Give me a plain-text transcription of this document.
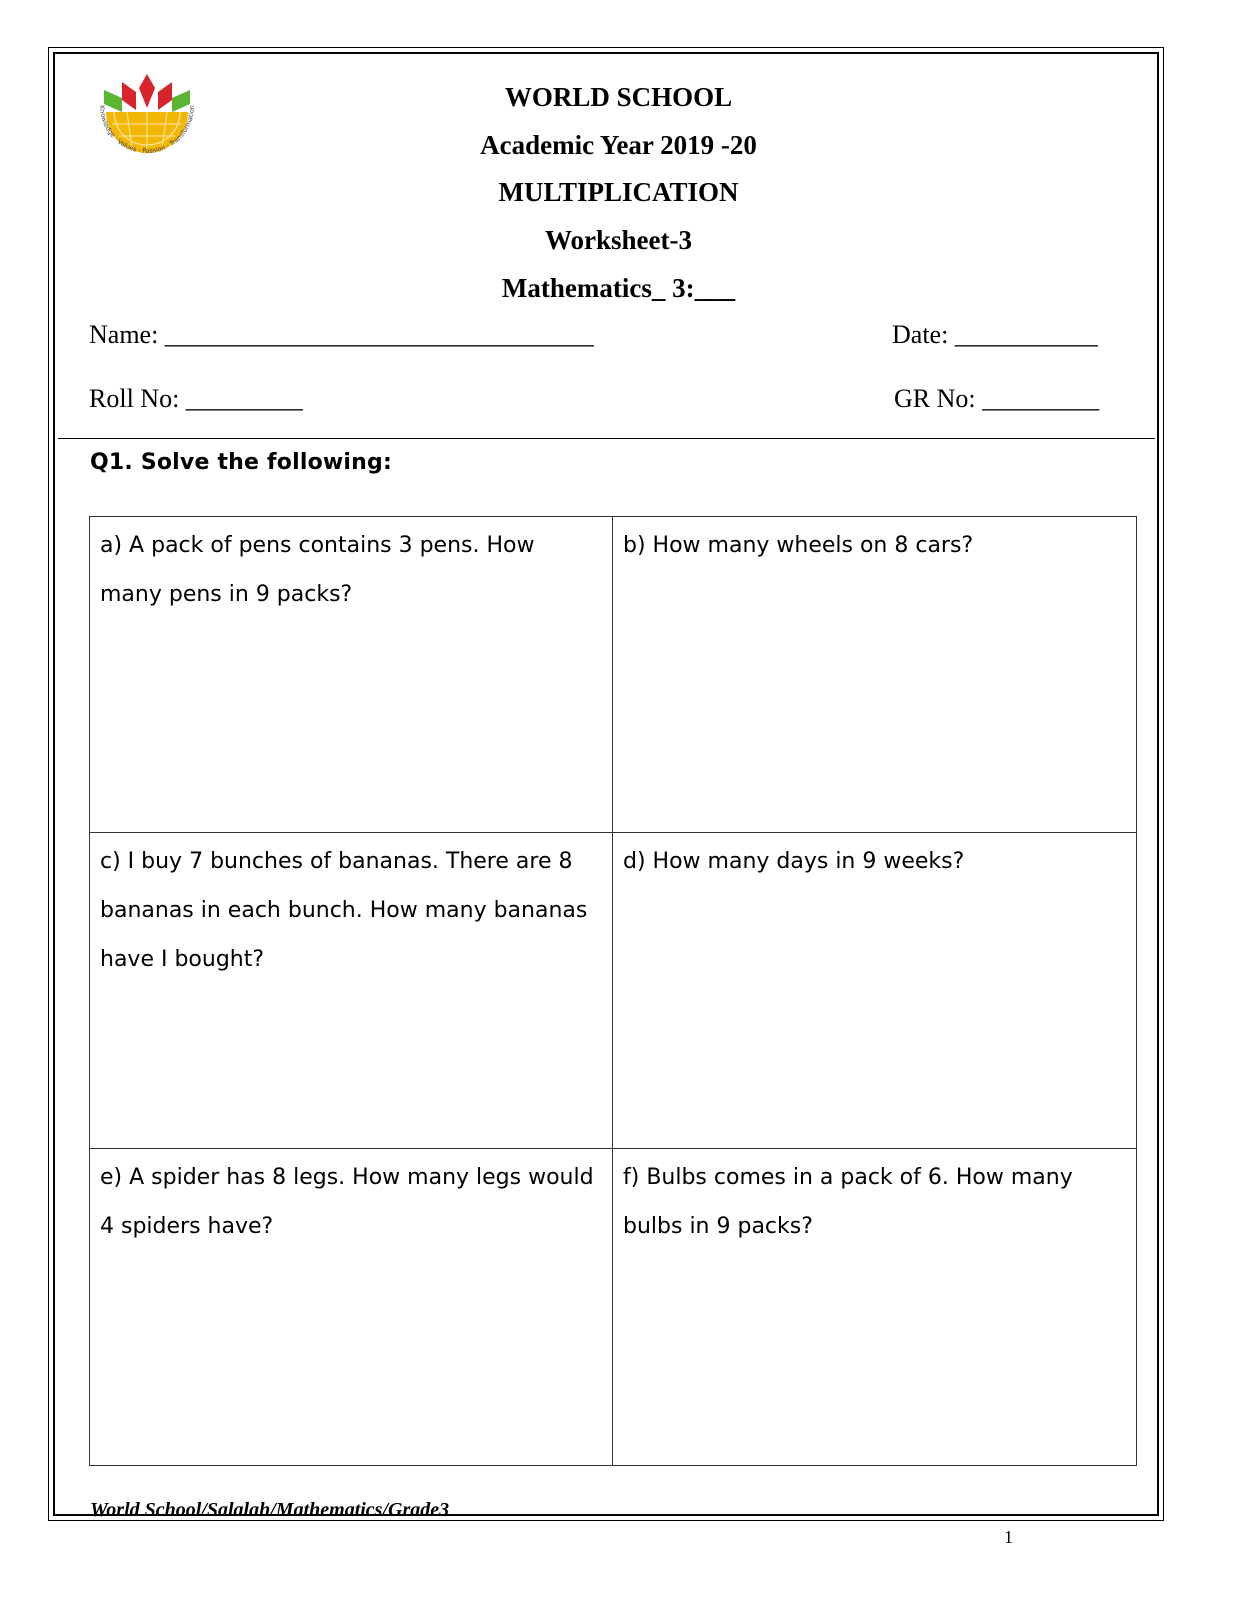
Knowledge · Values · Passion · Transformation	WORLD SCHOOL
Academic Year 2019 -20
MULTIPLICATION
Worksheet-3
Mathematics_ 3:___
Name: _________________________________	Date: ___________
Roll No: _________	GR No: _________
Q1. Solve the following:
a) A pack of pens contains 3 pens. How many pens in 9 packs?
b) How many wheels on 8 cars?
c) I buy 7 bunches of bananas. There are 8 bananas in each bunch. How many bananas have I bought?
d) How many days in 9 weeks?
e) A spider has 8 legs. How many legs would 4 spiders have?
f) Bulbs comes in a pack of 6. How many bulbs in 9 packs?
World School/Salalah/Mathematics/Grade3
1
